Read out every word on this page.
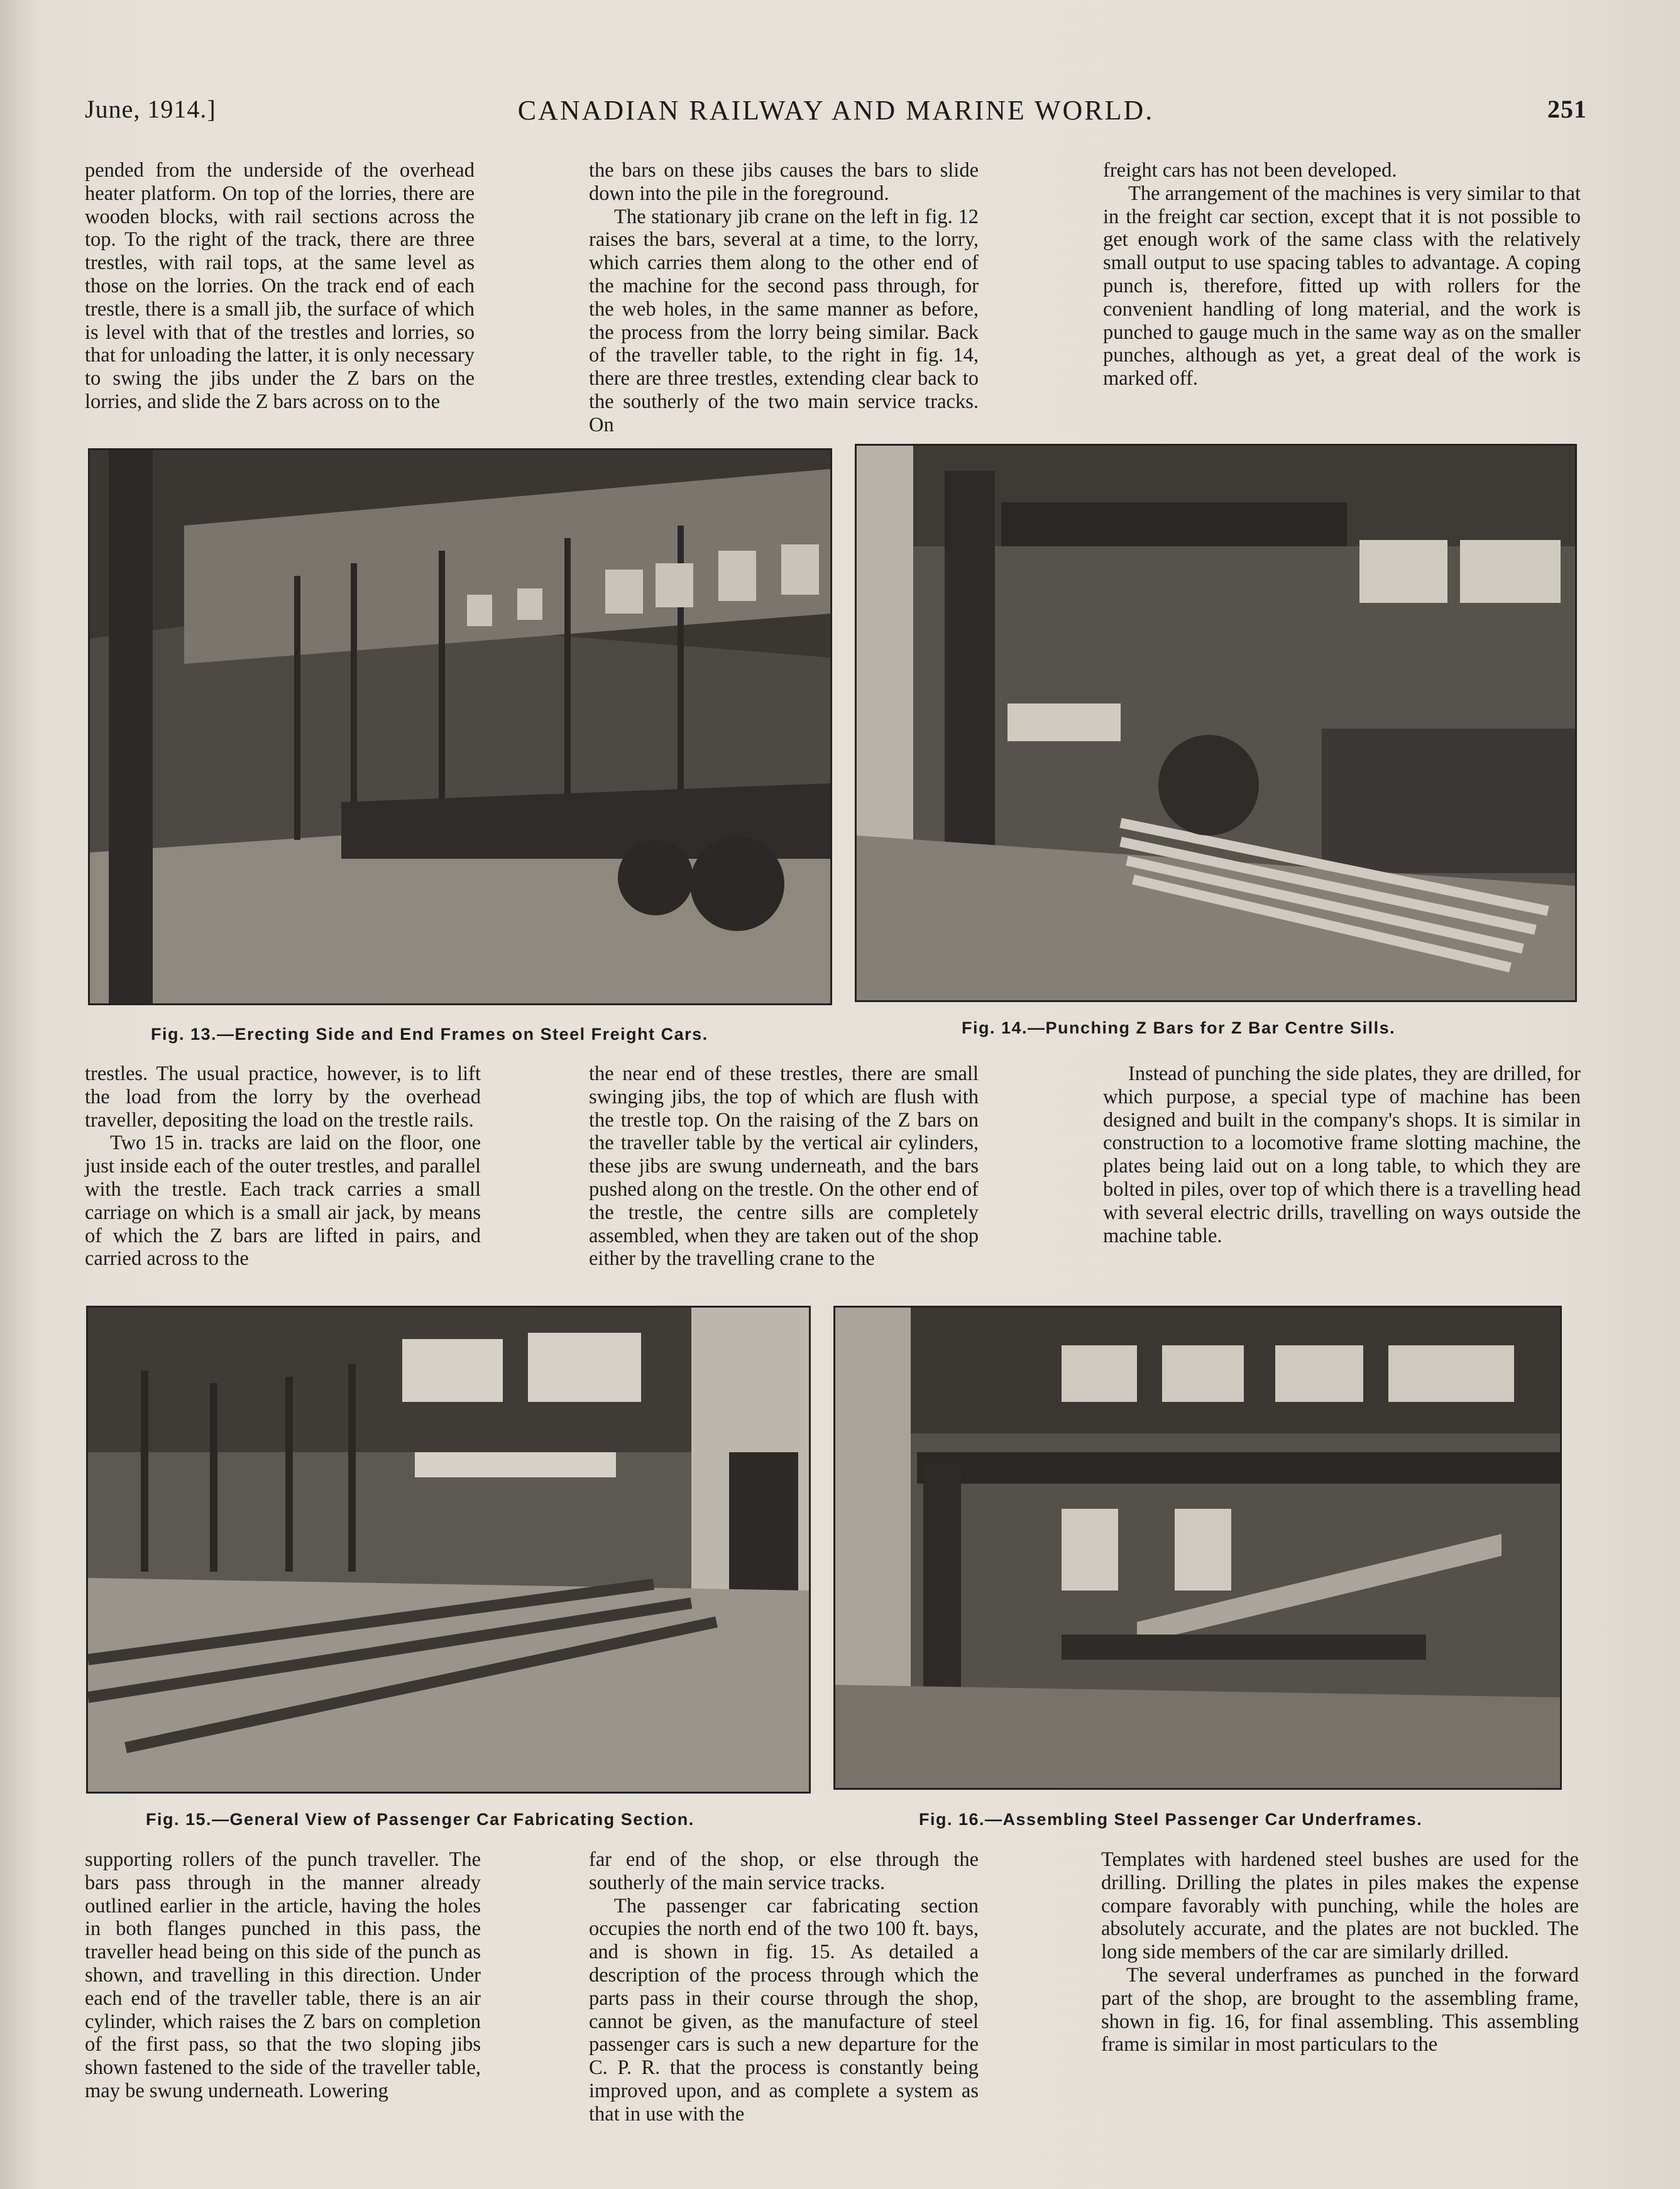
June, 1914.]	CANADIAN RAILWAY AND MARINE WORLD.	251

pended from the underside of the overhead heater platform. On top of the lorries, there are wooden blocks, with rail sections across the top. To the right of the track, there are three trestles, with rail tops, at the same level as those on the lorries. On the track end of each trestle, there is a small jib, the surface of which is level with that of the trestles and lorries, so that for unloading the latter, it is only necessary to swing the jibs under the Z bars on the lorries, and slide the Z bars across on to the

the bars on these jibs causes the bars to slide down into the pile in the foreground.

The stationary jib crane on the left in fig. 12 raises the bars, several at a time, to the lorry, which carries them along to the other end of the machine for the second pass through, for the web holes, in the same manner as before, the process from the lorry being similar. Back of the traveller table, to the right in fig. 14, there are three trestles, extending clear back to the southerly of the two main service tracks. On

freight cars has not been developed.

The arrangement of the machines is very similar to that in the freight car section, except that it is not possible to get enough work of the same class with the relatively small output to use spacing tables to advantage. A coping punch is, therefore, fitted up with rollers for the convenient handling of long material, and the work is punched to gauge much in the same way as on the smaller punches, although as yet, a great deal of the work is marked off.

Fig. 13.—Erecting Side and End Frames on Steel Freight Cars.	Fig. 14.—Punching Z Bars for Z Bar Centre Sills.

trestles. The usual practice, however, is to lift the load from the lorry by the overhead traveller, depositing the load on the trestle rails.

Two 15 in. tracks are laid on the floor, one just inside each of the outer trestles, and parallel with the trestle. Each track carries a small carriage on which is a small air jack, by means of which the Z bars are lifted in pairs, and carried across to the

the near end of these trestles, there are small swinging jibs, the top of which are flush with the trestle top. On the raising of the Z bars on the traveller table by the vertical air cylinders, these jibs are swung underneath, and the bars pushed along on the trestle. On the other end of the trestle, the centre sills are completely assembled, when they are taken out of the shop either by the travelling crane to the

Instead of punching the side plates, they are drilled, for which purpose, a special type of machine has been designed and built in the company's shops. It is similar in construction to a locomotive frame slotting machine, the plates being laid out on a long table, to which they are bolted in piles, over top of which there is a travelling head with several electric drills, travelling on ways outside the machine table.

Fig. 15.—General View of Passenger Car Fabricating Section.	Fig. 16.—Assembling Steel Passenger Car Underframes.

supporting rollers of the punch traveller. The bars pass through in the manner already outlined earlier in the article, having the holes in both flanges punched in this pass, the traveller head being on this side of the punch as shown, and travelling in this direction. Under each end of the traveller table, there is an air cylinder, which raises the Z bars on completion of the first pass, so that the two sloping jibs shown fastened to the side of the traveller table, may be swung underneath. Lowering

far end of the shop, or else through the southerly of the main service tracks.

The passenger car fabricating section occupies the north end of the two 100 ft. bays, and is shown in fig. 15. As detailed a description of the process through which the parts pass in their course through the shop, cannot be given, as the manufacture of steel passenger cars is such a new departure for the C. P. R. that the process is constantly being improved upon, and as complete a system as that in use with the

Templates with hardened steel bushes are used for the drilling. Drilling the plates in piles makes the expense compare favorably with punching, while the holes are absolutely accurate, and the plates are not buckled. The long side members of the car are similarly drilled.

The several underframes as punched in the forward part of the shop, are brought to the assembling frame, shown in fig. 16, for final assembling. This assembling frame is similar in most particulars to the
